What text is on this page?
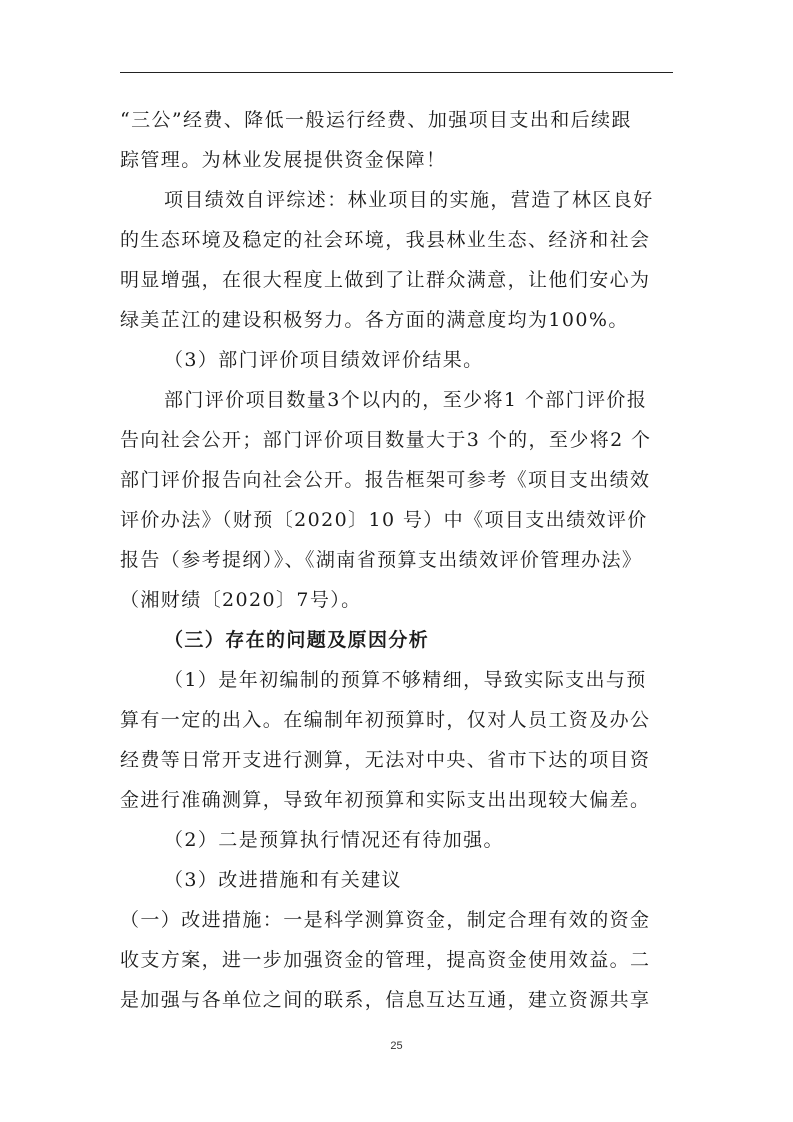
“三公”经费、降低一般运行经费、加强项目支出和后续跟
踪管理。为林业发展提供资金保障！
项目绩效自评综述：林业项目的实施，营造了林区良好
的生态环境及稳定的社会环境，我县林业生态、经济和社会
明显增强，在很大程度上做到了让群众满意，让他们安心为
绿美芷江的建设积极努力。各方面的满意度均为100%。
（3）部门评价项目绩效评价结果。
部门评价项目数量3个以内的，至少将1 个部门评价报
告向社会公开；部门评价项目数量大于3 个的，至少将2 个
部门评价报告向社会公开。报告框架可参考《项目支出绩效
评价办法》（财预〔2020〕10 号）中《项目支出绩效评价
报告（参考提纲）》、《湖南省预算支出绩效评价管理办法》
（湘财绩〔2020〕7号）。
（三）存在的问题及原因分析
（1）是年初编制的预算不够精细，导致实际支出与预
算有一定的出入。在编制年初预算时，仅对人员工资及办公
经费等日常开支进行测算，无法对中央、省市下达的项目资
金进行准确测算，导致年初预算和实际支出出现较大偏差。
（2）二是预算执行情况还有待加强。
（3）改进措施和有关建议
（一）改进措施：一是科学测算资金，制定合理有效的资金
收支方案，进一步加强资金的管理，提高资金使用效益。二
是加强与各单位之间的联系，信息互达互通，建立资源共享
25
